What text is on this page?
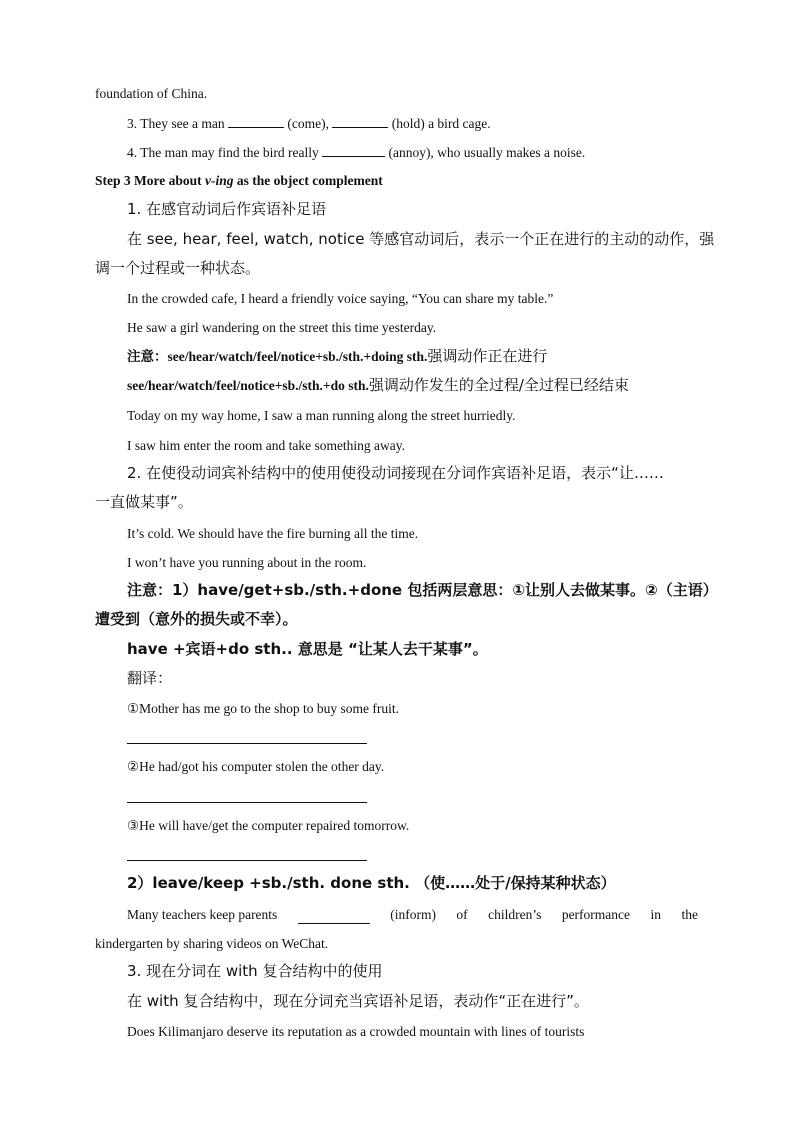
foundation of China.
3. They see a man	(come),	(hold) a bird cage.
4. The man may find the bird really	(annoy), who usually makes a noise.
Step 3 More about v-ing as the object complement
1. 在感官动词后作宾语补足语
在 see, hear, feel, watch, notice 等感官动词后，表示一个正在进行的主动的动作，强
调一个过程或一种状态。
In the crowded cafe, I heard a friendly voice saying, “You can share my table.”
He saw a girl wandering on the street this time yesterday.
注意：see/hear/watch/feel/notice+sb./sth.+doing sth.强调动作正在进行
see/hear/watch/feel/notice+sb./sth.+do sth.强调动作发生的全过程/全过程已经结束
Today on my way home, I saw a man running along the street hurriedly.
I saw him enter the room and take something away.
2. 在使役动词宾补结构中的使用使役动词接现在分词作宾语补足语，表示“让……
一直做某事”。
It’s cold. We should have the fire burning all the time.
I won’t have you running about in the room.
注意：1）have/get+sb./sth.+done 包括两层意思：①让别人去做某事。②（主语）
遭受到（意外的损失或不幸）。
have +宾语+do sth.. 意思是 “让某人去干某事”。
翻译：
①Mother has me go to the shop to buy some fruit.
②He had/got his computer stolen the other day.
③He will have/get the computer repaired tomorrow.
2）leave/keep +sb./sth. done sth. （使……处于/保持某种状态）
Many teachers keep parents	(inform) of children’s performance in the
kindergarten by sharing videos on WeChat.
3. 现在分词在 with 复合结构中的使用
在 with 复合结构中，现在分词充当宾语补足语，表动作“正在进行”。
Does Kilimanjaro deserve its reputation as a crowded mountain with lines of tourists
